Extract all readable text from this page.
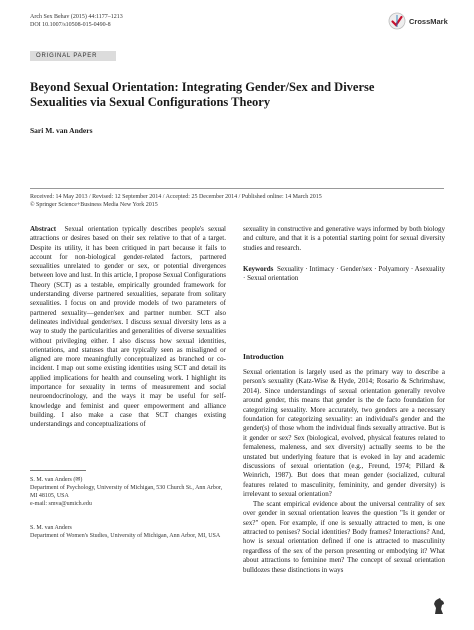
Arch Sex Behav (2015) 44:1177–1213
DOI 10.1007/s10508-015-0490-8	CrossMark
ORIGINAL PAPER
Beyond Sexual Orientation: Integrating Gender/Sex and Diverse
Sexualities via Sexual Configurations Theory
Sari M. van Anders
Received: 14 May 2013 / Revised: 12 September 2014 / Accepted: 25 December 2014 / Published online: 14 March 2015
© Springer Science+Business Media New York 2015
Abstract Sexual orientation typically describes people's sexual attractions or desires based on their sex relative to that of a target. Despite its utility, it has been critiqued in part because it fails to account for non-biological gender-related factors, partnered sexualities unrelated to gender or sex, or potential divergences between love and lust. In this article, I propose Sexual Configurations Theory (SCT) as a testable, empirically grounded framework for understanding diverse partnered sexualities, separate from solitary sexualities. I focus on and provide models of two parameters of partnered sexuality—gender/sex and partner number. SCT also delineates individual gender/sex. I discuss sexual diversity lens as a way to study the particularities and generalities of diverse sexualities without privileging either. I also discuss how sexual identities, orientations, and statuses that are typically seen as misaligned or aligned are more meaningfully conceptualized as branched or co-incident. I map out some existing identities using SCT and detail its applied implications for health and counseling work. I highlight its importance for sexuality in terms of measurement and social neuroendocrinology, and the ways it may be useful for self-knowledge and feminist and queer empowerment and alliance building. I also make a case that SCT changes existing understandings and conceptualizations of

sexuality in constructive and generative ways informed by both biology and culture, and that it is a potential starting point for sexual diversity studies and research.

Keywords Sexuality · Intimacy · Gender/sex · Polyamory · Asexuality · Sexual orientation

Introduction

Sexual orientation is largely used as the primary way to describe a person's sexuality (Katz-Wise & Hyde, 2014; Rosario & Schrimshaw, 2014). Since understandings of sexual orientation generally revolve around gender, this means that gender is the de facto foundation for categorizing sexuality. More accurately, two genders are a necessary foundation for categorizing sexuality: an individual's gender and the gender(s) of those whom the individual finds sexually attractive. But is it gender or sex? Sex (biological, evolved, physical features related to femaleness, maleness, and sex diversity) actually seems to be the unstated but underlying feature that is evoked in lay and academic discussions of sexual orientation (e.g., Freund, 1974; Pillard & Weinrich, 1987). But does that mean gender (socialized, cultural features related to masculinity, femininity, and gender diversity) is irrelevant to sexual orientation?

The scant empirical evidence about the universal centrality of sex over gender in sexual orientation leaves the question "Is it gender or sex?" open. For example, if one is sexually attracted to men, is one attracted to penises? Social identities? Body frames? Interactions? And, how is sexual orientation defined if one is attracted to masculinity regardless of the sex of the person presenting or embodying it? What about attractions to feminine men? The concept of sexual orientation bulldozes these distinctions in ways

S. M. van Anders (✉)
Department of Psychology, University of Michigan, 530 Church St., Ann Arbor, MI 48105, USA
e-mail: smva@umich.edu
S. M. van Anders
Department of Women's Studies, University of Michigan, Ann Arbor, MI, USA
